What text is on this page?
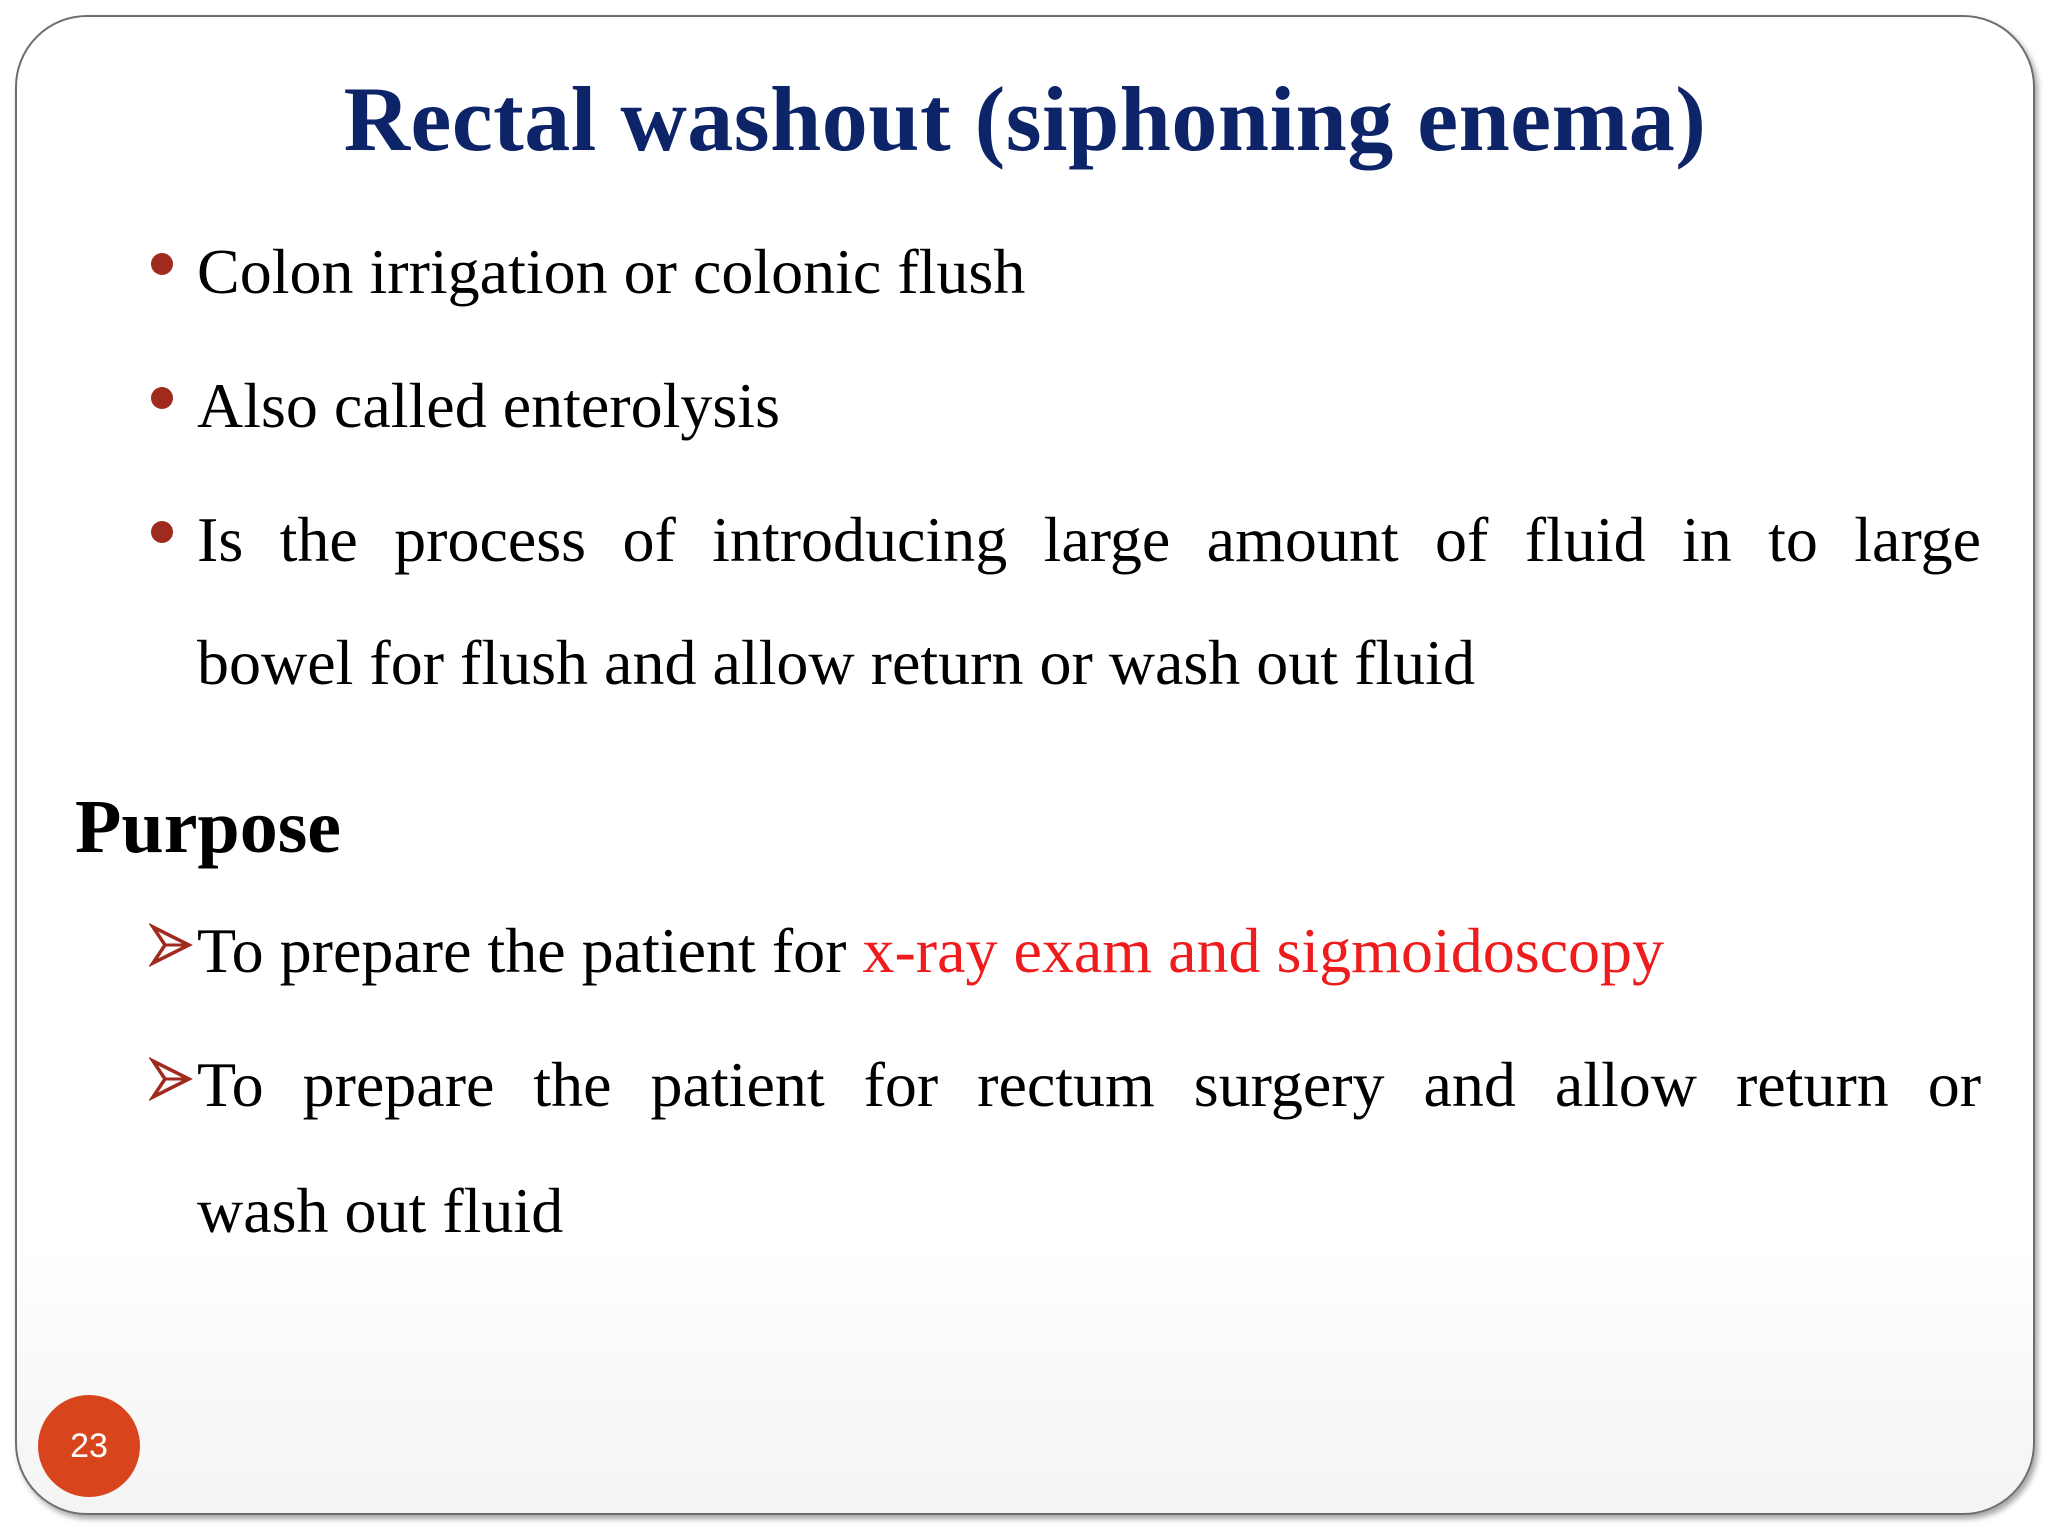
Rectal washout (siphoning enema)
Colon irrigation or colonic flush
Also called enterolysis
Is the process of introducing large amount of fluid in to large
bowel for flush and allow return or wash out fluid
Purpose
To prepare the patient for x-ray exam and sigmoidoscopy
To prepare the patient for rectum surgery and allow return or
wash out fluid
23
